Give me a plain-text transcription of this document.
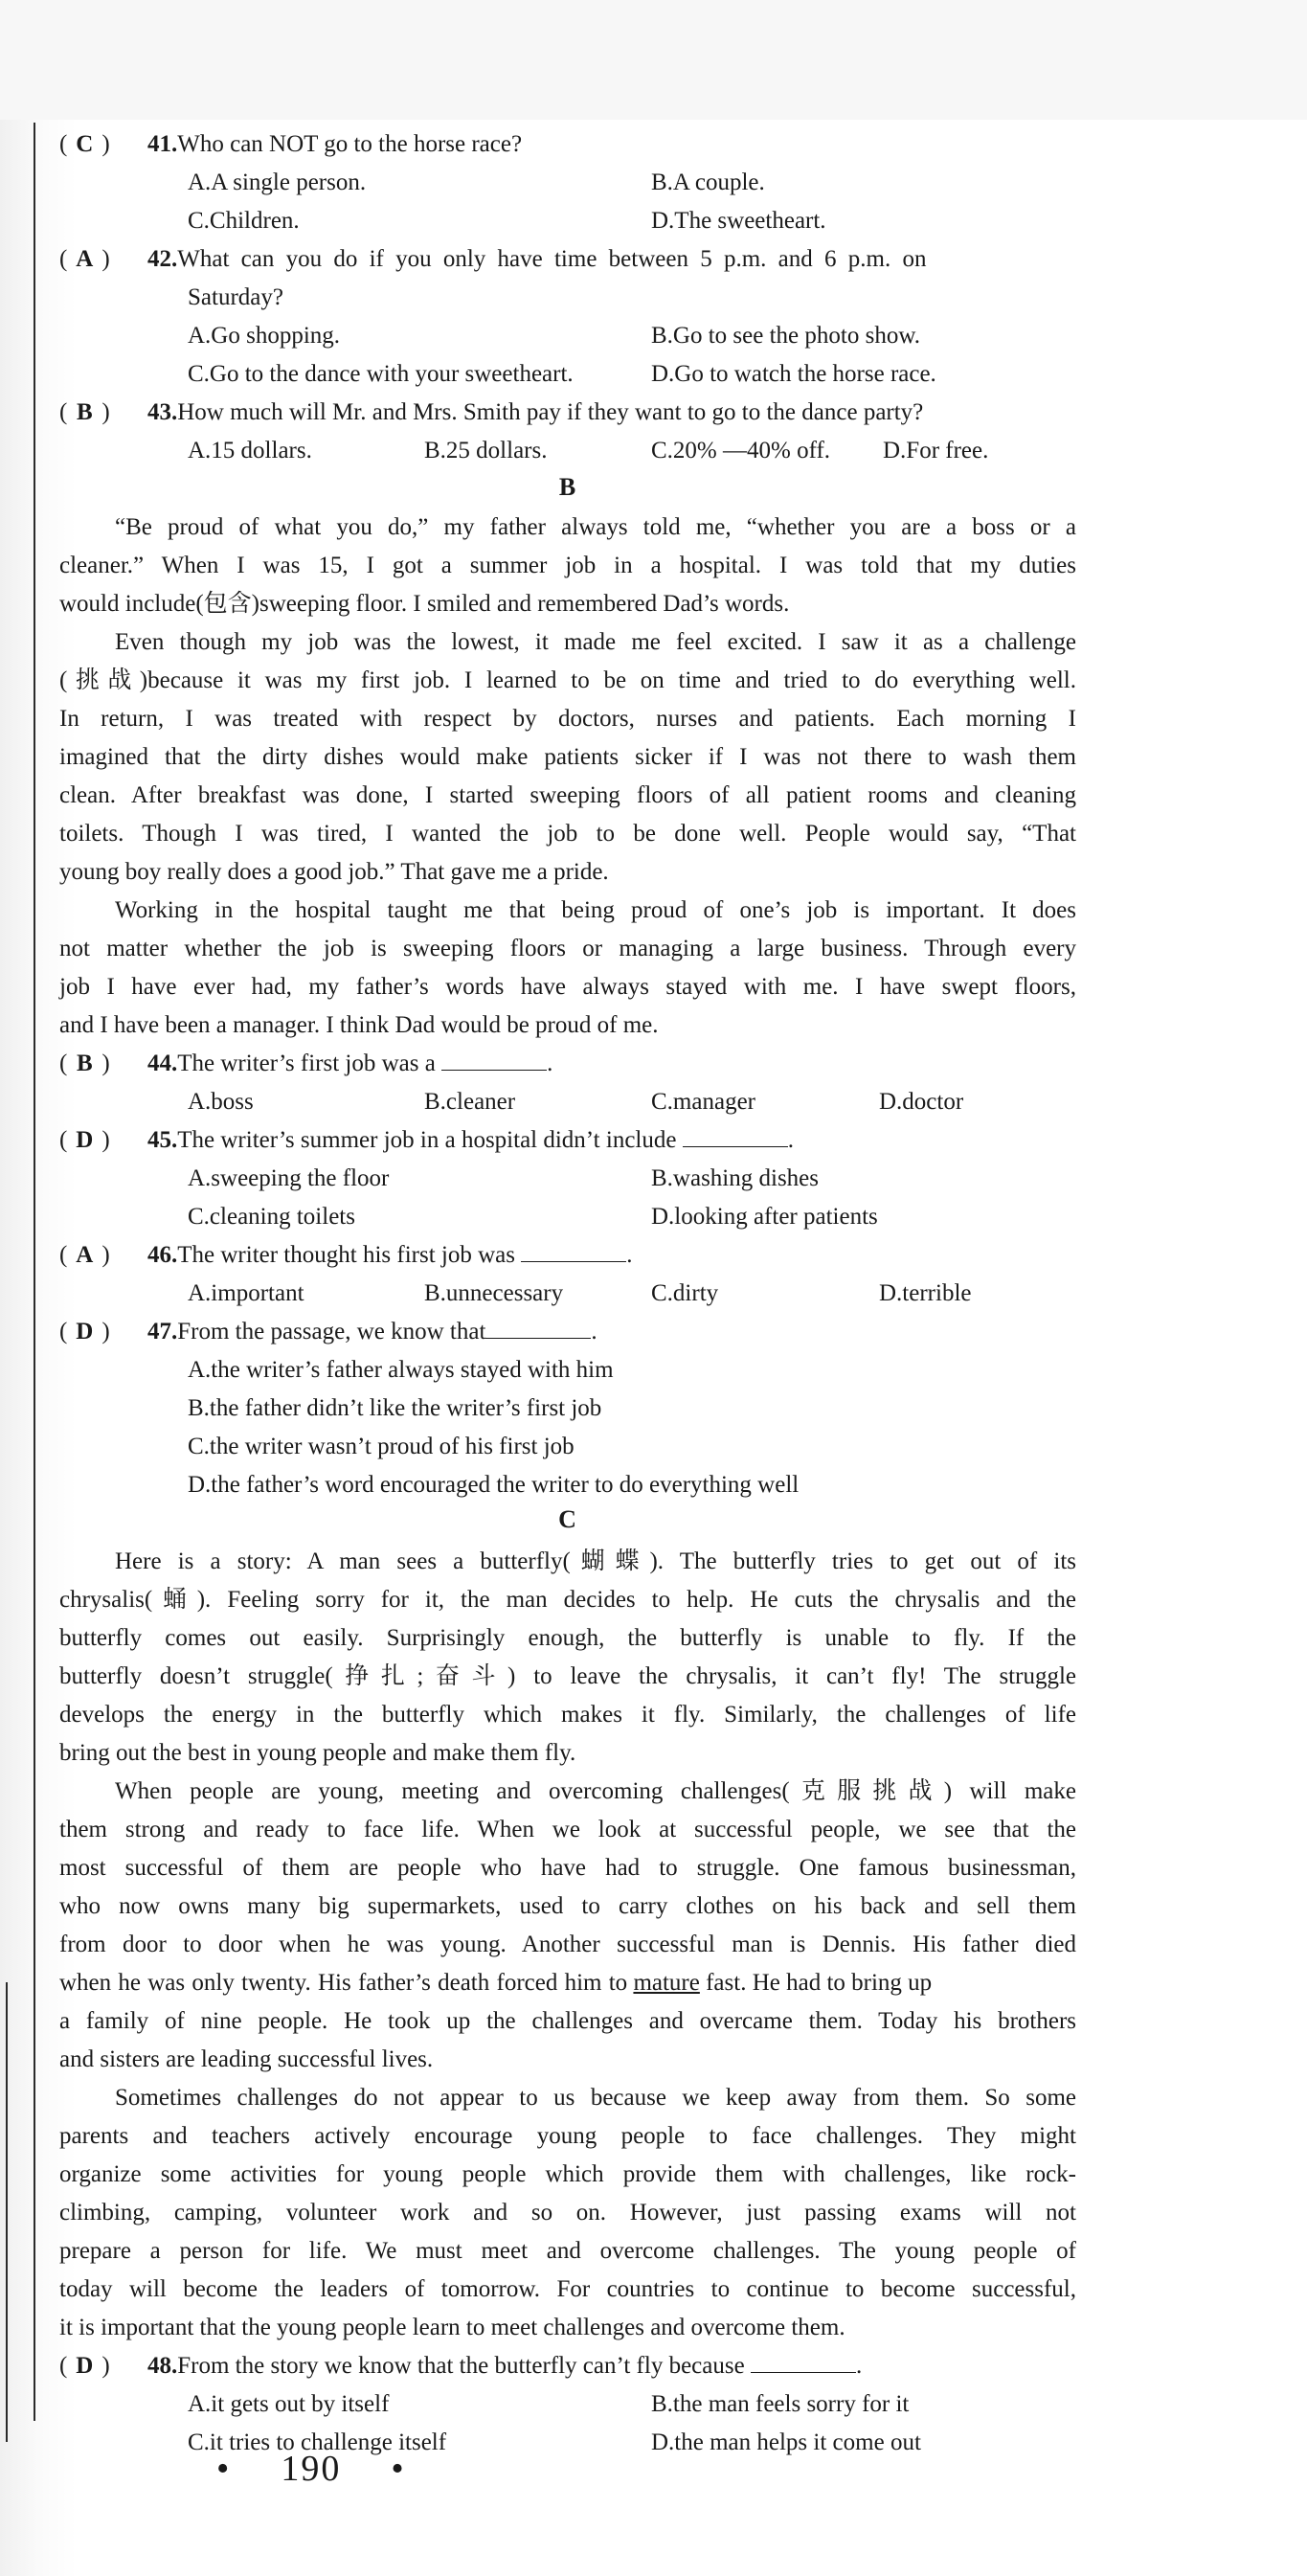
( C ) 41.Who can NOT go to the horse race?
A.A single person.	B.A couple.
C.Children.	D.The sweetheart.
( A ) 42.What can you do if you only have time between 5 p.m. and 6 p.m. on
Saturday?
A.Go shopping.	B.Go to see the photo show.
C.Go to the dance with your sweetheart.	D.Go to watch the horse race.
( B ) 43.How much will Mr. and Mrs. Smith pay if they want to go to the dance party?
A.15 dollars.	B.25 dollars.	C.20% —40% off. D.For free.
B
“Be proud of what you do,” my father always told me, “whether you are a boss or a
cleaner.” When I was 15, I got a summer job in a hospital. I was told that my duties
would include(包含)sweeping floor. I smiled and remembered Dad’s words.
Even though my job was the lowest, it made me feel excited. I saw it as a challenge
(挑战)because it was my first job. I learned to be on time and tried to do everything well.
In return, I was treated with respect by doctors, nurses and patients. Each morning I
imagined that the dirty dishes would make patients sicker if I was not there to wash them
clean. After breakfast was done, I started sweeping floors of all patient rooms and cleaning
toilets. Though I was tired, I wanted the job to be done well. People would say, “That
young boy really does a good job.” That gave me a pride.
Working in the hospital taught me that being proud of one’s job is important. It does
not matter whether the job is sweeping floors or managing a large business. Through every
job I have ever had, my father’s words have always stayed with me. I have swept floors,
and I have been a manager. I think Dad would be proud of me.
( B ) 44.The writer’s first job was a	.
A.boss	B.cleaner	C.manager	D.doctor
( D ) 45.The writer’s summer job in a hospital didn’t include	.
A.sweeping the floor	B.washing dishes
C.cleaning toilets	D.looking after patients
( A ) 46.The writer thought his first job was	.
A.important	B.unnecessary	C.dirty	D.terrible
( D ) 47.From the passage, we know that	.
A.the writer’s father always stayed with him
B.the father didn’t like the writer’s first job
C.the writer wasn’t proud of his first job
D.the father’s word encouraged the writer to do everything well
C
Here is a story: A man sees a butterfly(蝴蝶). The butterfly tries to get out of its
chrysalis(蛹). Feeling sorry for it, the man decides to help. He cuts the chrysalis and the
butterfly comes out easily. Surprisingly enough, the butterfly is unable to fly. If the
butterfly doesn’t struggle(挣扎;奋斗) to leave the chrysalis, it can’t fly! The struggle
develops the energy in the butterfly which makes it fly. Similarly, the challenges of life
bring out the best in young people and make them fly.
When people are young, meeting and overcoming challenges(克服挑战) will make
them strong and ready to face life. When we look at successful people, we see that the
most successful of them are people who have had to struggle. One famous businessman,
who now owns many big supermarkets, used to carry clothes on his back and sell them
from door to door when he was young. Another successful man is Dennis. His father died
when he was only twenty. His father’s death forced him to mature fast. He had to bring up
a family of nine people. He took up the challenges and overcame them. Today his brothers
and sisters are leading successful lives.
Sometimes challenges do not appear to us because we keep away from them. So some
parents and teachers actively encourage young people to face challenges. They might
organize some activities for young people which provide them with challenges, like rock-
climbing, camping, volunteer work and so on. However, just passing exams will not
prepare a person for life. We must meet and overcome challenges. The young people of
today will become the leaders of tomorrow. For countries to continue to become successful,
it is important that the young people learn to meet challenges and overcome them.
( D ) 48.From the story we know that the butterfly can’t fly because	.
A.it gets out by itself	B.the man feels sorry for it
C.it tries to challenge itself	D.the man helps it come out
• 190 •
